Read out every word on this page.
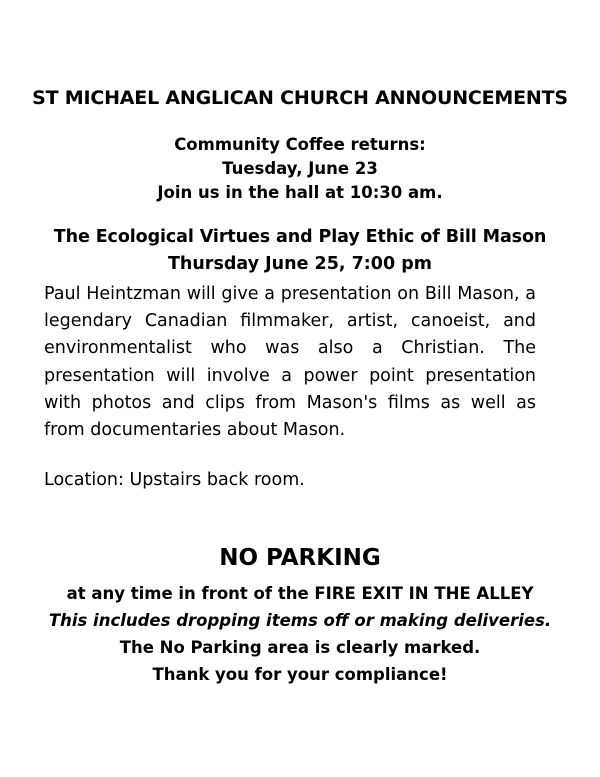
ST MICHAEL ANGLICAN CHURCH ANNOUNCEMENTS
Community Coffee returns:
Tuesday, June 23
Join us in the hall at 10:30 am.
The Ecological Virtues and Play Ethic of Bill Mason
Thursday June 25, 7:00 pm
Paul Heintzman will give a presentation on Bill Mason, a legendary Canadian filmmaker, artist, canoeist, and environmentalist who was also a Christian. The presentation will involve a power point presentation with photos and clips from Mason's films as well as from documentaries about Mason.
Location: Upstairs back room.
NO PARKING
at any time in front of the FIRE EXIT IN THE ALLEY
This includes dropping items off or making deliveries.
The No Parking area is clearly marked.
Thank you for your compliance!
